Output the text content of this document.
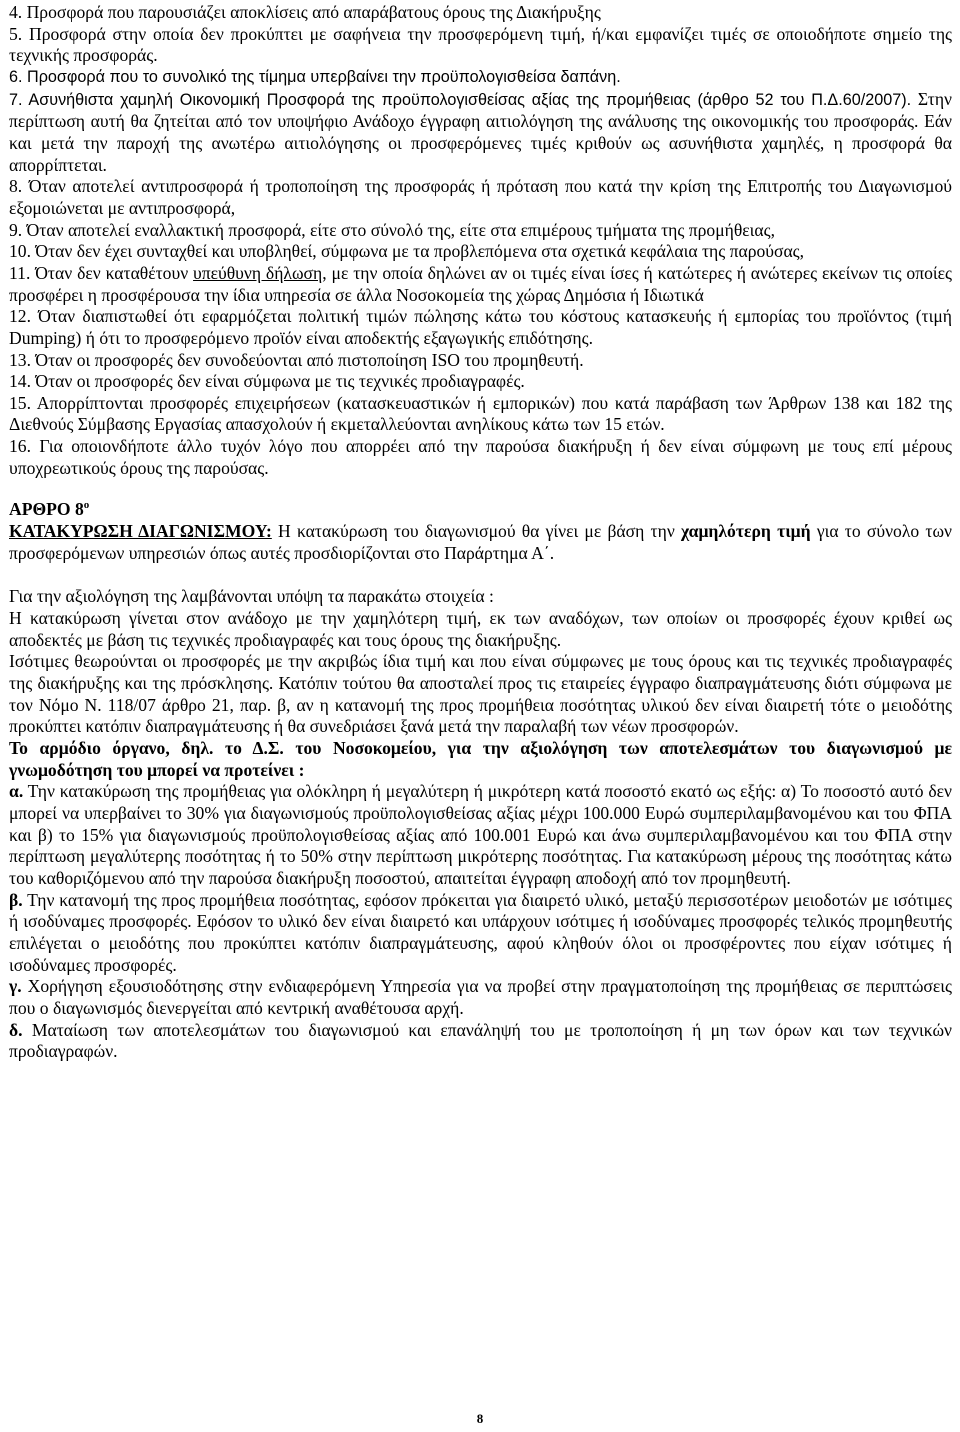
4. Προσφορά που παρουσιάζει αποκλίσεις από απαράβατους όρους της Διακήρυξης

5. Προσφορά στην οποία δεν προκύπτει με σαφήνεια την προσφερόμενη τιμή, ή/και εμφανίζει τιμές σε οποιοδήποτε σημείο της τεχνικής προσφοράς.

6. Προσφορά που το συνολικό της τίμημα υπερβαίνει την προϋπολογισθείσα δαπάνη.

7. Ασυνήθιστα χαμηλή Οικονομική Προσφορά της προϋπολογισθείσας αξίας της προμήθειας (άρθρο 52 του Π.Δ.60/2007). Στην περίπτωση αυτή θα ζητείται από τον υποψήφιο Ανάδοχο έγγραφη αιτιολόγηση της ανάλυσης της οικονομικής του προσφοράς. Εάν και μετά την παροχή της ανωτέρω αιτιολόγησης οι προσφερόμενες τιμές κριθούν ως ασυνήθιστα χαμηλές, η προσφορά θα απορρίπτεται.

8. Όταν αποτελεί αντιπροσφορά ή τροποποίηση της προσφοράς ή πρόταση που κατά την κρίση της Επιτροπής του Διαγωνισμού εξομοιώνεται με αντιπροσφορά,

9. Όταν αποτελεί εναλλακτική προσφορά, είτε στο σύνολό της, είτε στα επιμέρους τμήματα της προμήθειας,

10. Όταν δεν έχει συνταχθεί και υποβληθεί, σύμφωνα με τα προβλεπόμενα στα σχετικά κεφάλαια της παρούσας,

11. Όταν δεν καταθέτουν υπεύθυνη δήλωση, με την οποία δηλώνει αν οι τιμές είναι ίσες ή κατώτερες ή ανώτερες εκείνων τις οποίες προσφέρει η προσφέρουσα την ίδια υπηρεσία σε άλλα Νοσοκομεία της χώρας Δημόσια ή Ιδιωτικά

12. Όταν διαπιστωθεί ότι εφαρμόζεται πολιτική τιμών πώλησης κάτω του κόστους κατασκευής ή εμπορίας του προϊόντος (τιμή Dumping) ή ότι το προσφερόμενο προϊόν είναι αποδεκτής εξαγωγικής επιδότησης.

13. Όταν οι προσφορές δεν συνοδεύονται από πιστοποίηση ISO του προμηθευτή.

14. Όταν οι προσφορές δεν είναι σύμφωνα με τις τεχνικές προδιαγραφές.

15. Απορρίπτονται προσφορές επιχειρήσεων (κατασκευαστικών ή εμπορικών) που κατά παράβαση των Άρθρων 138 και 182 της Διεθνούς Σύμβασης Εργασίας απασχολούν ή εκμεταλλεύονται ανηλίκους κάτω των 15 ετών.

16. Για οποιονδήποτε άλλο τυχόν λόγο που απορρέει από την παρούσα διακήρυξη ή δεν είναι σύμφωνη με τους επί μέρους υποχρεωτικούς όρους της παρούσας.

ΑΡΘΡΟ $8^o$

ΚΑΤΑΚΥΡΩΣΗ ΔΙΑΓΩΝΙΣΜΟΥ: Η κατακύρωση του διαγωνισμού θα γίνει με βάση την χαμηλότερη τιμή για το σύνολο των προσφερόμενων υπηρεσιών όπως αυτές προσδιορίζονται στο Παράρτημα Α΄.

Για την αξιολόγηση της λαμβάνονται υπόψη τα παρακάτω στοιχεία :

Η κατακύρωση γίνεται στον ανάδοχο με την χαμηλότερη τιμή, εκ των αναδόχων, των οποίων οι προσφορές έχουν κριθεί ως αποδεκτές με βάση τις τεχνικές προδιαγραφές και τους όρους της διακήρυξης.

Ισότιμες θεωρούνται οι προσφορές με την ακριβώς ίδια τιμή και που είναι σύμφωνες με τους όρους και τις τεχνικές προδιαγραφές της διακήρυξης και της πρόσκλησης. Κατόπιν τούτου θα αποσταλεί προς τις εταιρείες έγγραφο διαπραγμάτευσης διότι σύμφωνα με τον Νόμο Ν. 118/07 άρθρο 21, παρ. β, αν η κατανομή της προς προμήθεια ποσότητας υλικού δεν είναι διαιρετή τότε ο μειοδότης προκύπτει κατόπιν διαπραγμάτευσης ή θα συνεδριάσει ξανά μετά την παραλαβή των νέων προσφορών.

Το αρμόδιο όργανο, δηλ. το Δ.Σ. του Νοσοκομείου, για την αξιολόγηση των αποτελεσμάτων του διαγωνισμού με γνωμοδότηση του μπορεί να προτείνει :

α. Την κατακύρωση της προμήθειας για ολόκληρη ή μεγαλύτερη ή μικρότερη κατά ποσοστό εκατό ως εξής: α) Το ποσοστό αυτό δεν μπορεί να υπερβαίνει το 30% για διαγωνισμούς προϋπολογισθείσας αξίας μέχρι 100.000 Ευρώ συμπεριλαμβανομένου και του ΦΠΑ και β) το 15% για διαγωνισμούς προϋπολογισθείσας αξίας από 100.001 Ευρώ και άνω συμπεριλαμβανομένου και του ΦΠΑ στην περίπτωση μεγαλύτερης ποσότητας ή το 50% στην περίπτωση μικρότερης ποσότητας. Για κατακύρωση μέρους της ποσότητας κάτω του καθοριζόμενου από την παρούσα διακήρυξη ποσοστού, απαιτείται έγγραφη αποδοχή από τον προμηθευτή.

β. Την κατανομή της προς προμήθεια ποσότητας, εφόσον πρόκειται για διαιρετό υλικό, μεταξύ περισσοτέρων μειοδοτών με ισότιμες ή ισοδύναμες προσφορές. Εφόσον το υλικό δεν είναι διαιρετό και υπάρχουν ισότιμες ή ισοδύναμες προσφορές τελικός προμηθευτής επιλέγεται ο μειοδότης που προκύπτει κατόπιν διαπραγμάτευσης, αφού κληθούν όλοι οι προσφέροντες που είχαν ισότιμες ή ισοδύναμες προσφορές.

γ. Χορήγηση εξουσιοδότησης στην ενδιαφερόμενη Υπηρεσία για να προβεί στην πραγματοποίηση της προμήθειας σε περιπτώσεις που ο διαγωνισμός διενεργείται από κεντρική αναθέτουσα αρχή.

δ. Ματαίωση των αποτελεσμάτων του διαγωνισμού και επανάληψή του με τροποποίηση ή μη των όρων και των τεχνικών προδιαγραφών.

8
